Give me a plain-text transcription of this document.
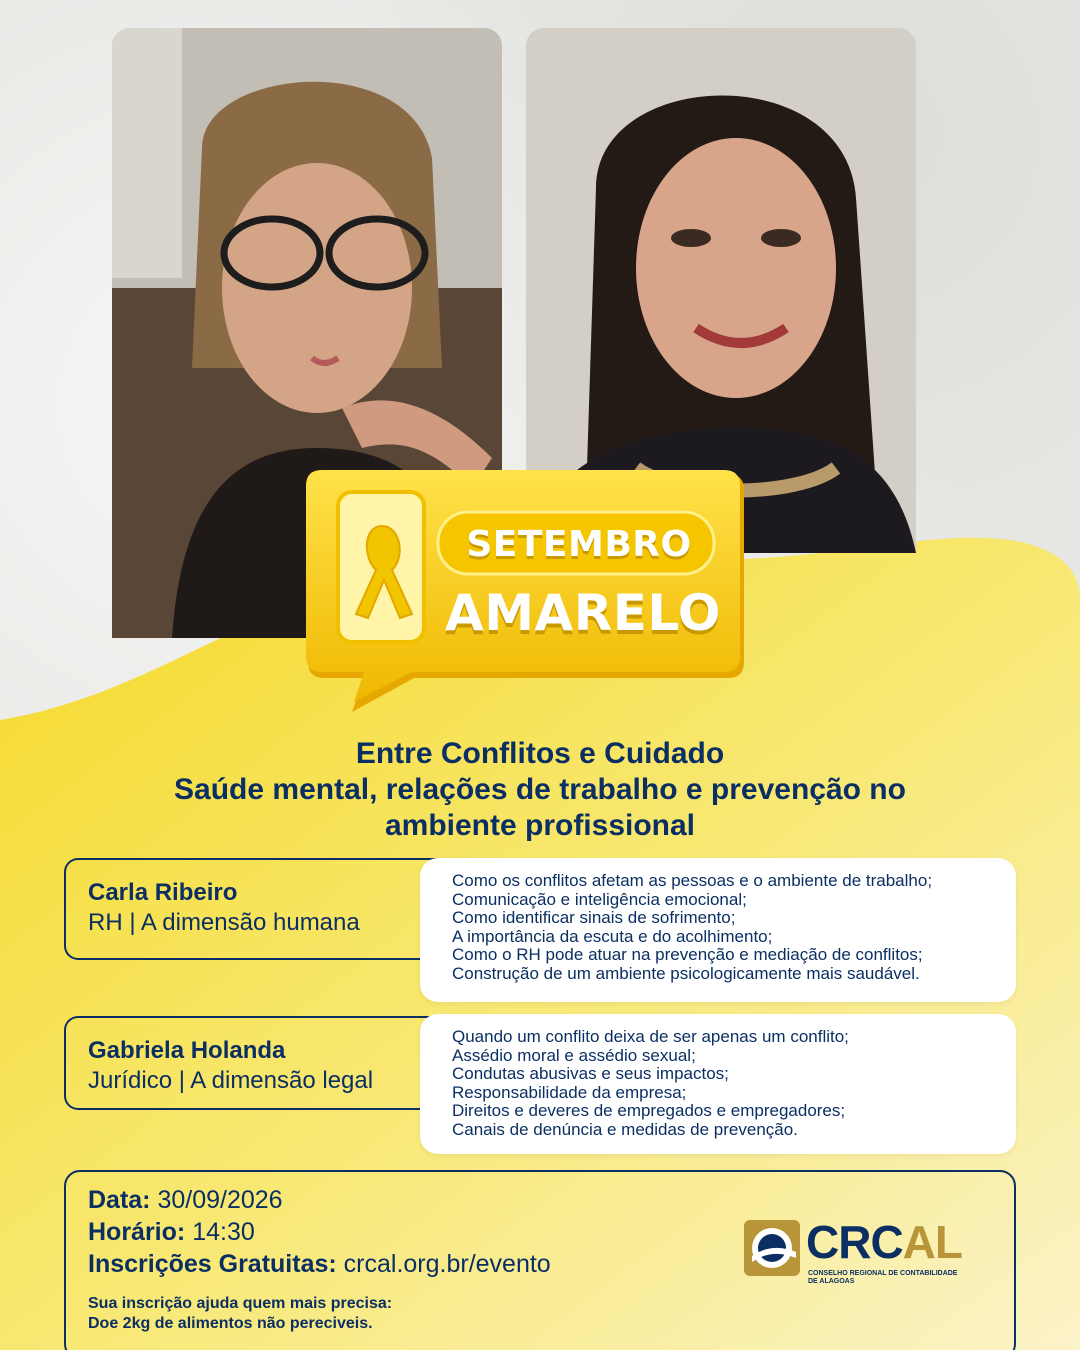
SETEMBRO
AMARELO
Entre Conflitos e Cuidado
Saúde mental, relações de trabalho e prevenção no
ambiente profissional
Carla Ribeiro
RH | A dimensão humana
Como os conflitos afetam as pessoas e o ambiente de trabalho;
Comunicação e inteligência emocional;
Como identificar sinais de sofrimento;
A importância da escuta e do acolhimento;
Como o RH pode atuar na prevenção e mediação de conflitos;
Construção de um ambiente psicologicamente mais saudável.
Gabriela Holanda
Jurídico | A dimensão legal
Quando um conflito deixa de ser apenas um conflito;
Assédio moral e assédio sexual;
Condutas abusivas e seus impactos;
Responsabilidade da empresa;
Direitos e deveres de empregados e empregadores;
Canais de denúncia e medidas de prevenção.
Data: 30/09/2026
Horário: 14:30
Inscrições Gratuitas: crcal.org.br/evento
Sua inscrição ajuda quem mais precisa:
Doe 2kg de alimentos não pereciveis.
CRCAL
CONSELHO REGIONAL DE CONTABILIDADE DE ALAGOAS
